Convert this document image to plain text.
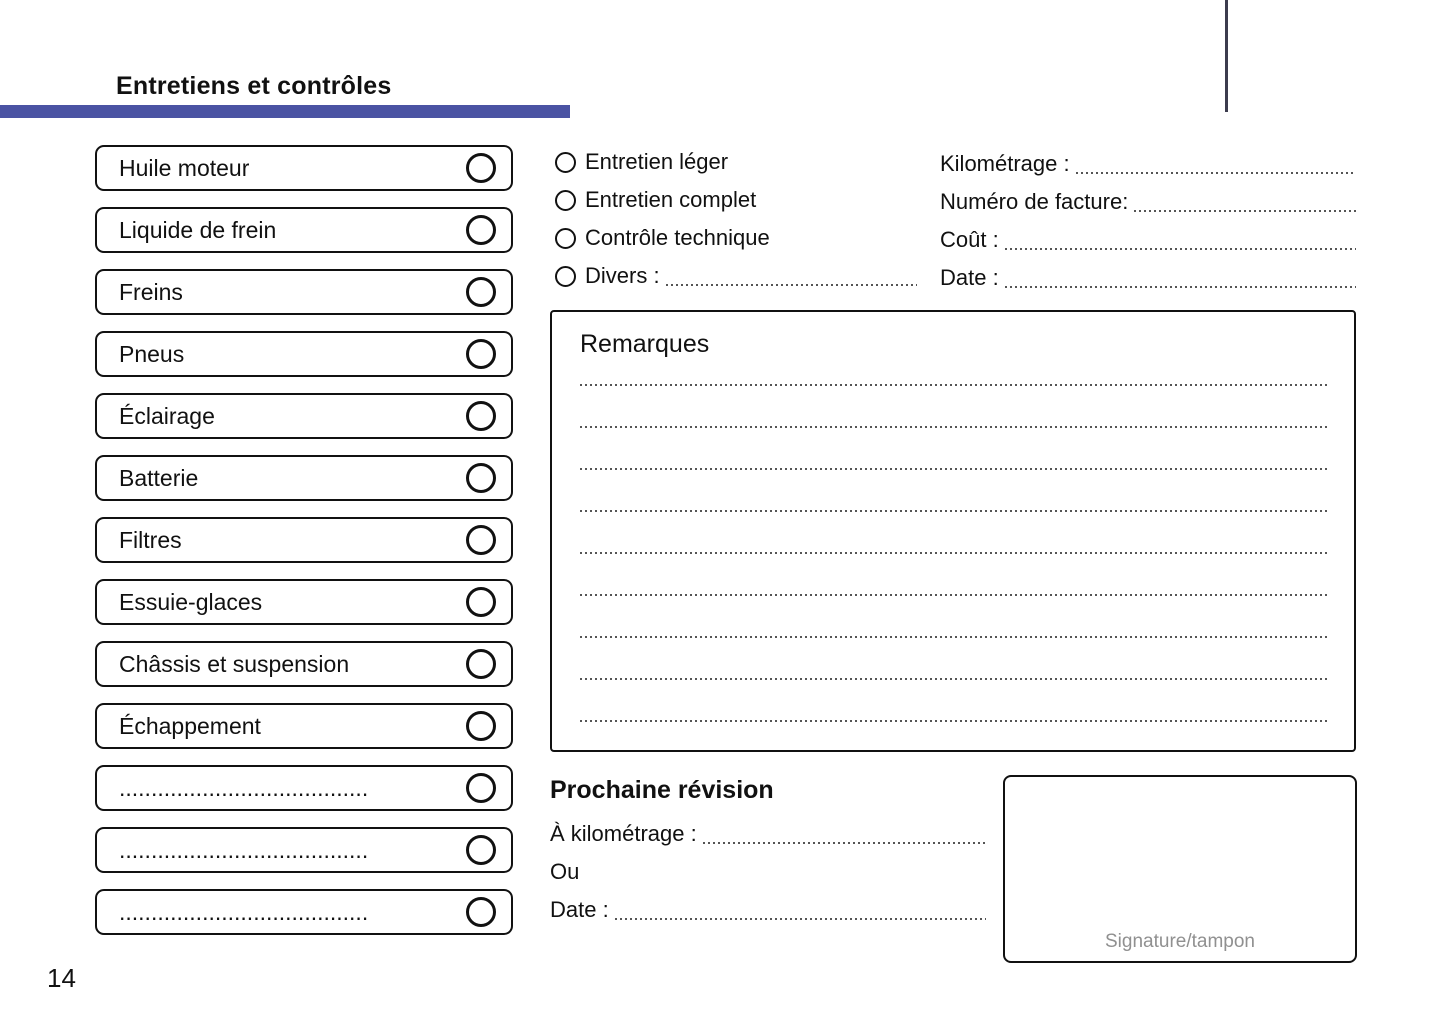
Entretiens et contrôles
Huile moteur
Liquide de frein
Freins
Pneus
Éclairage
Batterie
Filtres
Essuie-glaces
Châssis et suspension
Échappement
.......................................
.......................................
.......................................
Entretien léger
Entretien complet
Contrôle technique
Divers :
Kilométrage :
Numéro de facture:
Coût :
Date :
Remarques
Prochaine révision
À kilométrage :
Ou
Date :
Signature/tampon
14
